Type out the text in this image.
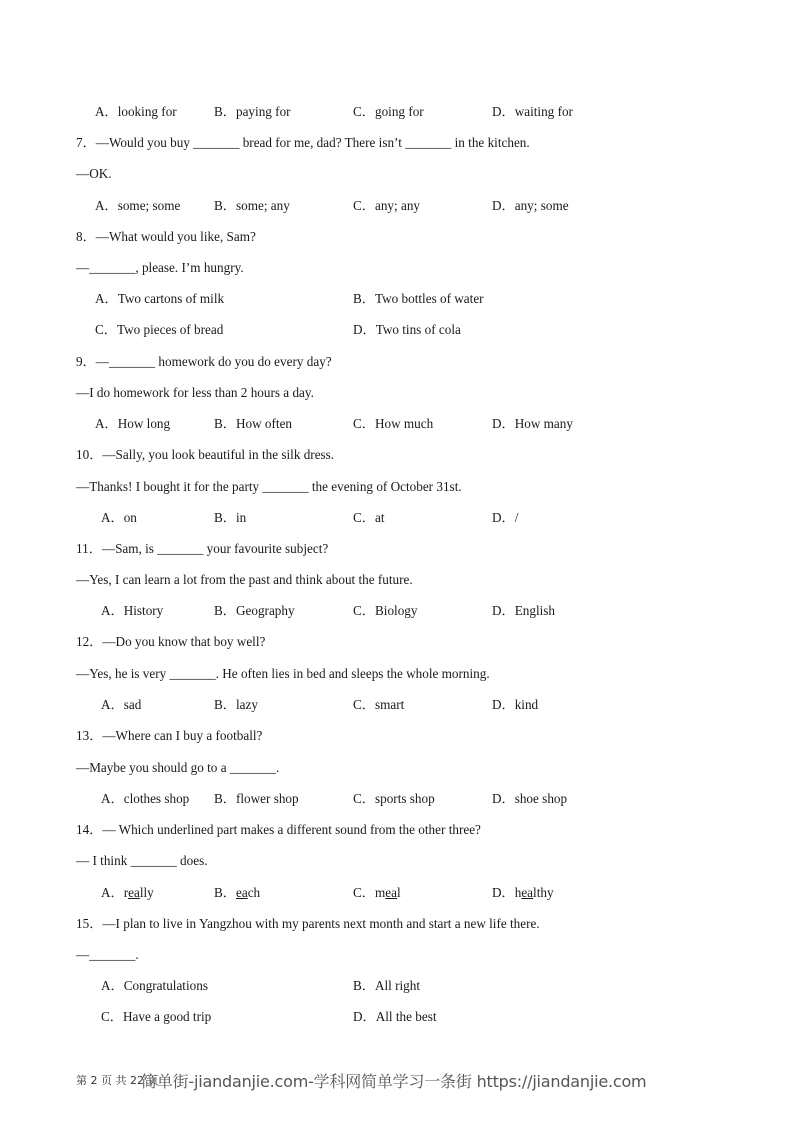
A．looking for	B．paying for	C．going for	D．waiting for
7．—Would you buy _______ bread for me, dad? There isn’t _______ in the kitchen.
—OK.
A．some; some	B．some; any	C．any; any	D．any; some
8．—What would you like, Sam?
—_______, please. I’m hungry.
A．Two cartons of milk	B．Two bottles of water
C．Two pieces of bread	D．Two tins of cola
9．—_______ homework do you do every day?
—I do homework for less than 2 hours a day.
A．How long	B．How often	C．How much	D．How many
10．—Sally, you look beautiful in the silk dress.
—Thanks! I bought it for the party _______ the evening of October 31st.
A．on	B．in	C．at	D．/
11．—Sam, is _______ your favourite subject?
—Yes, I can learn a lot from the past and think about the future.
A．History	B．Geography	C．Biology	D．English
12．—Do you know that boy well?
—Yes, he is very _______. He often lies in bed and sleeps the whole morning.
A．sad	B．lazy	C．smart	D．kind
13．—Where can I buy a football?
—Maybe you should go to a _______.
A．clothes shop B．flower shop	C．sports shop	D．shoe shop
14．— Which underlined part makes a different sound from the other three?
— I think _______ does.
A．really	B．each	C．meal	D．healthy
15．—I plan to live in Yangzhou with my parents next month and start a new life there.
—_______.
A．Congratulations	B．All right
C．Have a good trip	D．All the best
第 2 页 共 22 页
简单街-jiandanjie.com-学科网简单学习一条街 https://jiandanjie.com
